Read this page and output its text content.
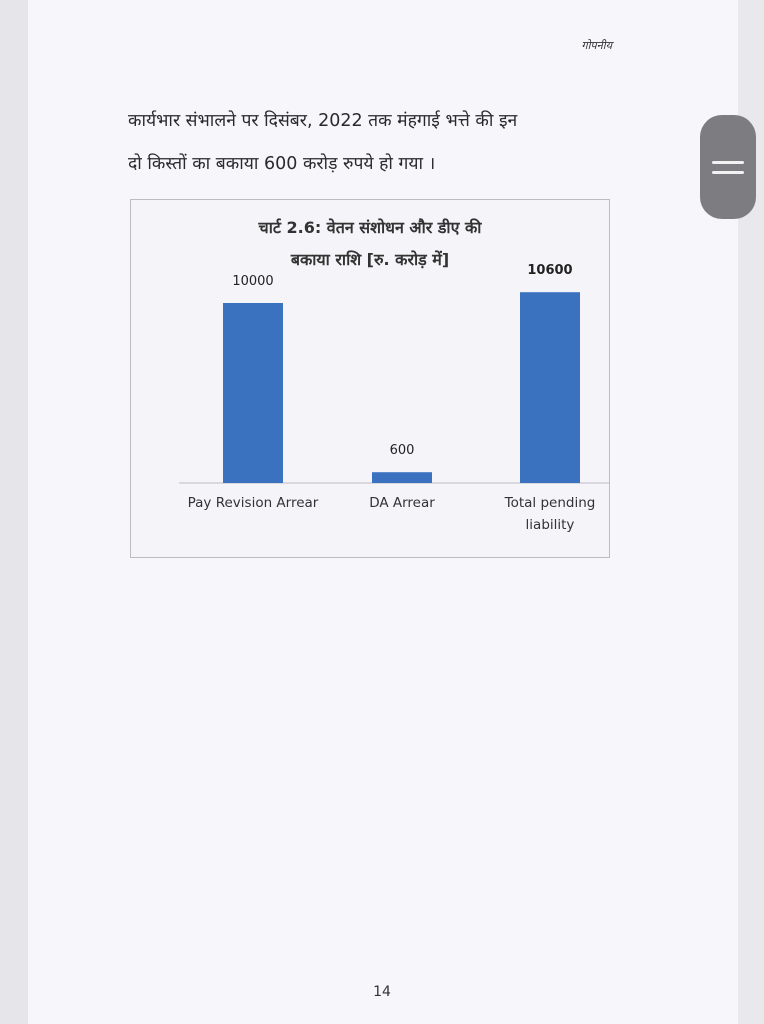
गोपनीय
कार्यभार संभालने पर दिसंबर, 2022 तक मंहगाई भत्ते की इन
दो किस्तों का बकाया 600 करोड़ रुपये हो गया ।
चार्ट 2.6: वेतन संशोधन और डीए की
बकाया राशि [रु. करोड़ में]
10000
Pay Revision Arrear
600
DA Arrear
10600
Total pending
liability
14
